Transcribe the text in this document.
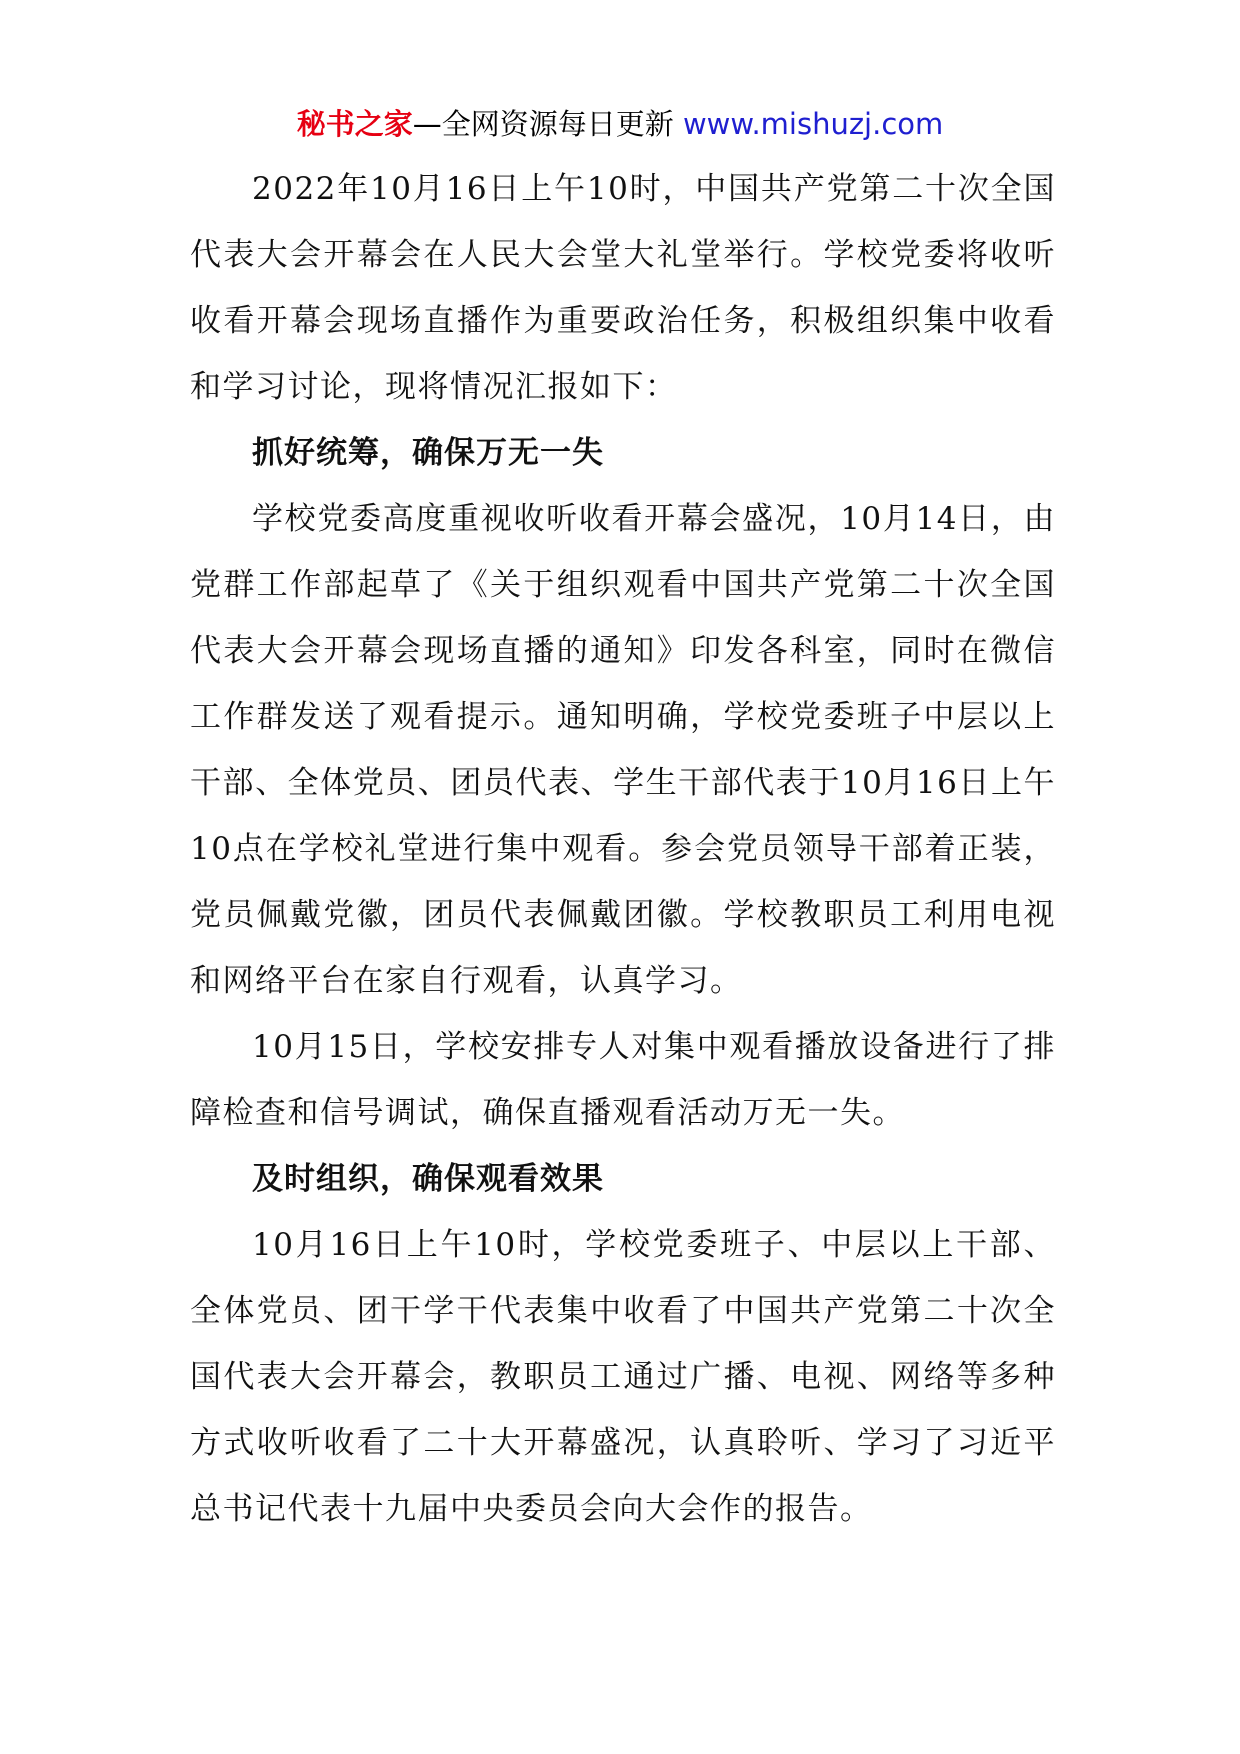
秘书之家—全网资源每日更新 www.mishuzj.com

2022年10月16日上午10时，中国共产党第二十次全国代表大会开幕会在人民大会堂大礼堂举行。学校党委将收听收看开幕会现场直播作为重要政治任务，积极组织集中收看和学习讨论，现将情况汇报如下：

抓好统筹，确保万无一失

学校党委高度重视收听收看开幕会盛况，10月14日，由党群工作部起草了《关于组织观看中国共产党第二十次全国代表大会开幕会现场直播的通知》印发各科室，同时在微信工作群发送了观看提示。通知明确，学校党委班子中层以上干部、全体党员、团员代表、学生干部代表于10月16日上午10点在学校礼堂进行集中观看。参会党员领导干部着正装，党员佩戴党徽，团员代表佩戴团徽。学校教职员工利用电视和网络平台在家自行观看，认真学习。

10月15日，学校安排专人对集中观看播放设备进行了排障检查和信号调试，确保直播观看活动万无一失。

及时组织，确保观看效果

10月16日上午10时，学校党委班子、中层以上干部、全体党员、团干学干代表集中收看了中国共产党第二十次全国代表大会开幕会，教职员工通过广播、电视、网络等多种方式收听收看了二十大开幕盛况，认真聆听、学习了习近平总书记代表十九届中央委员会向大会作的报告。
